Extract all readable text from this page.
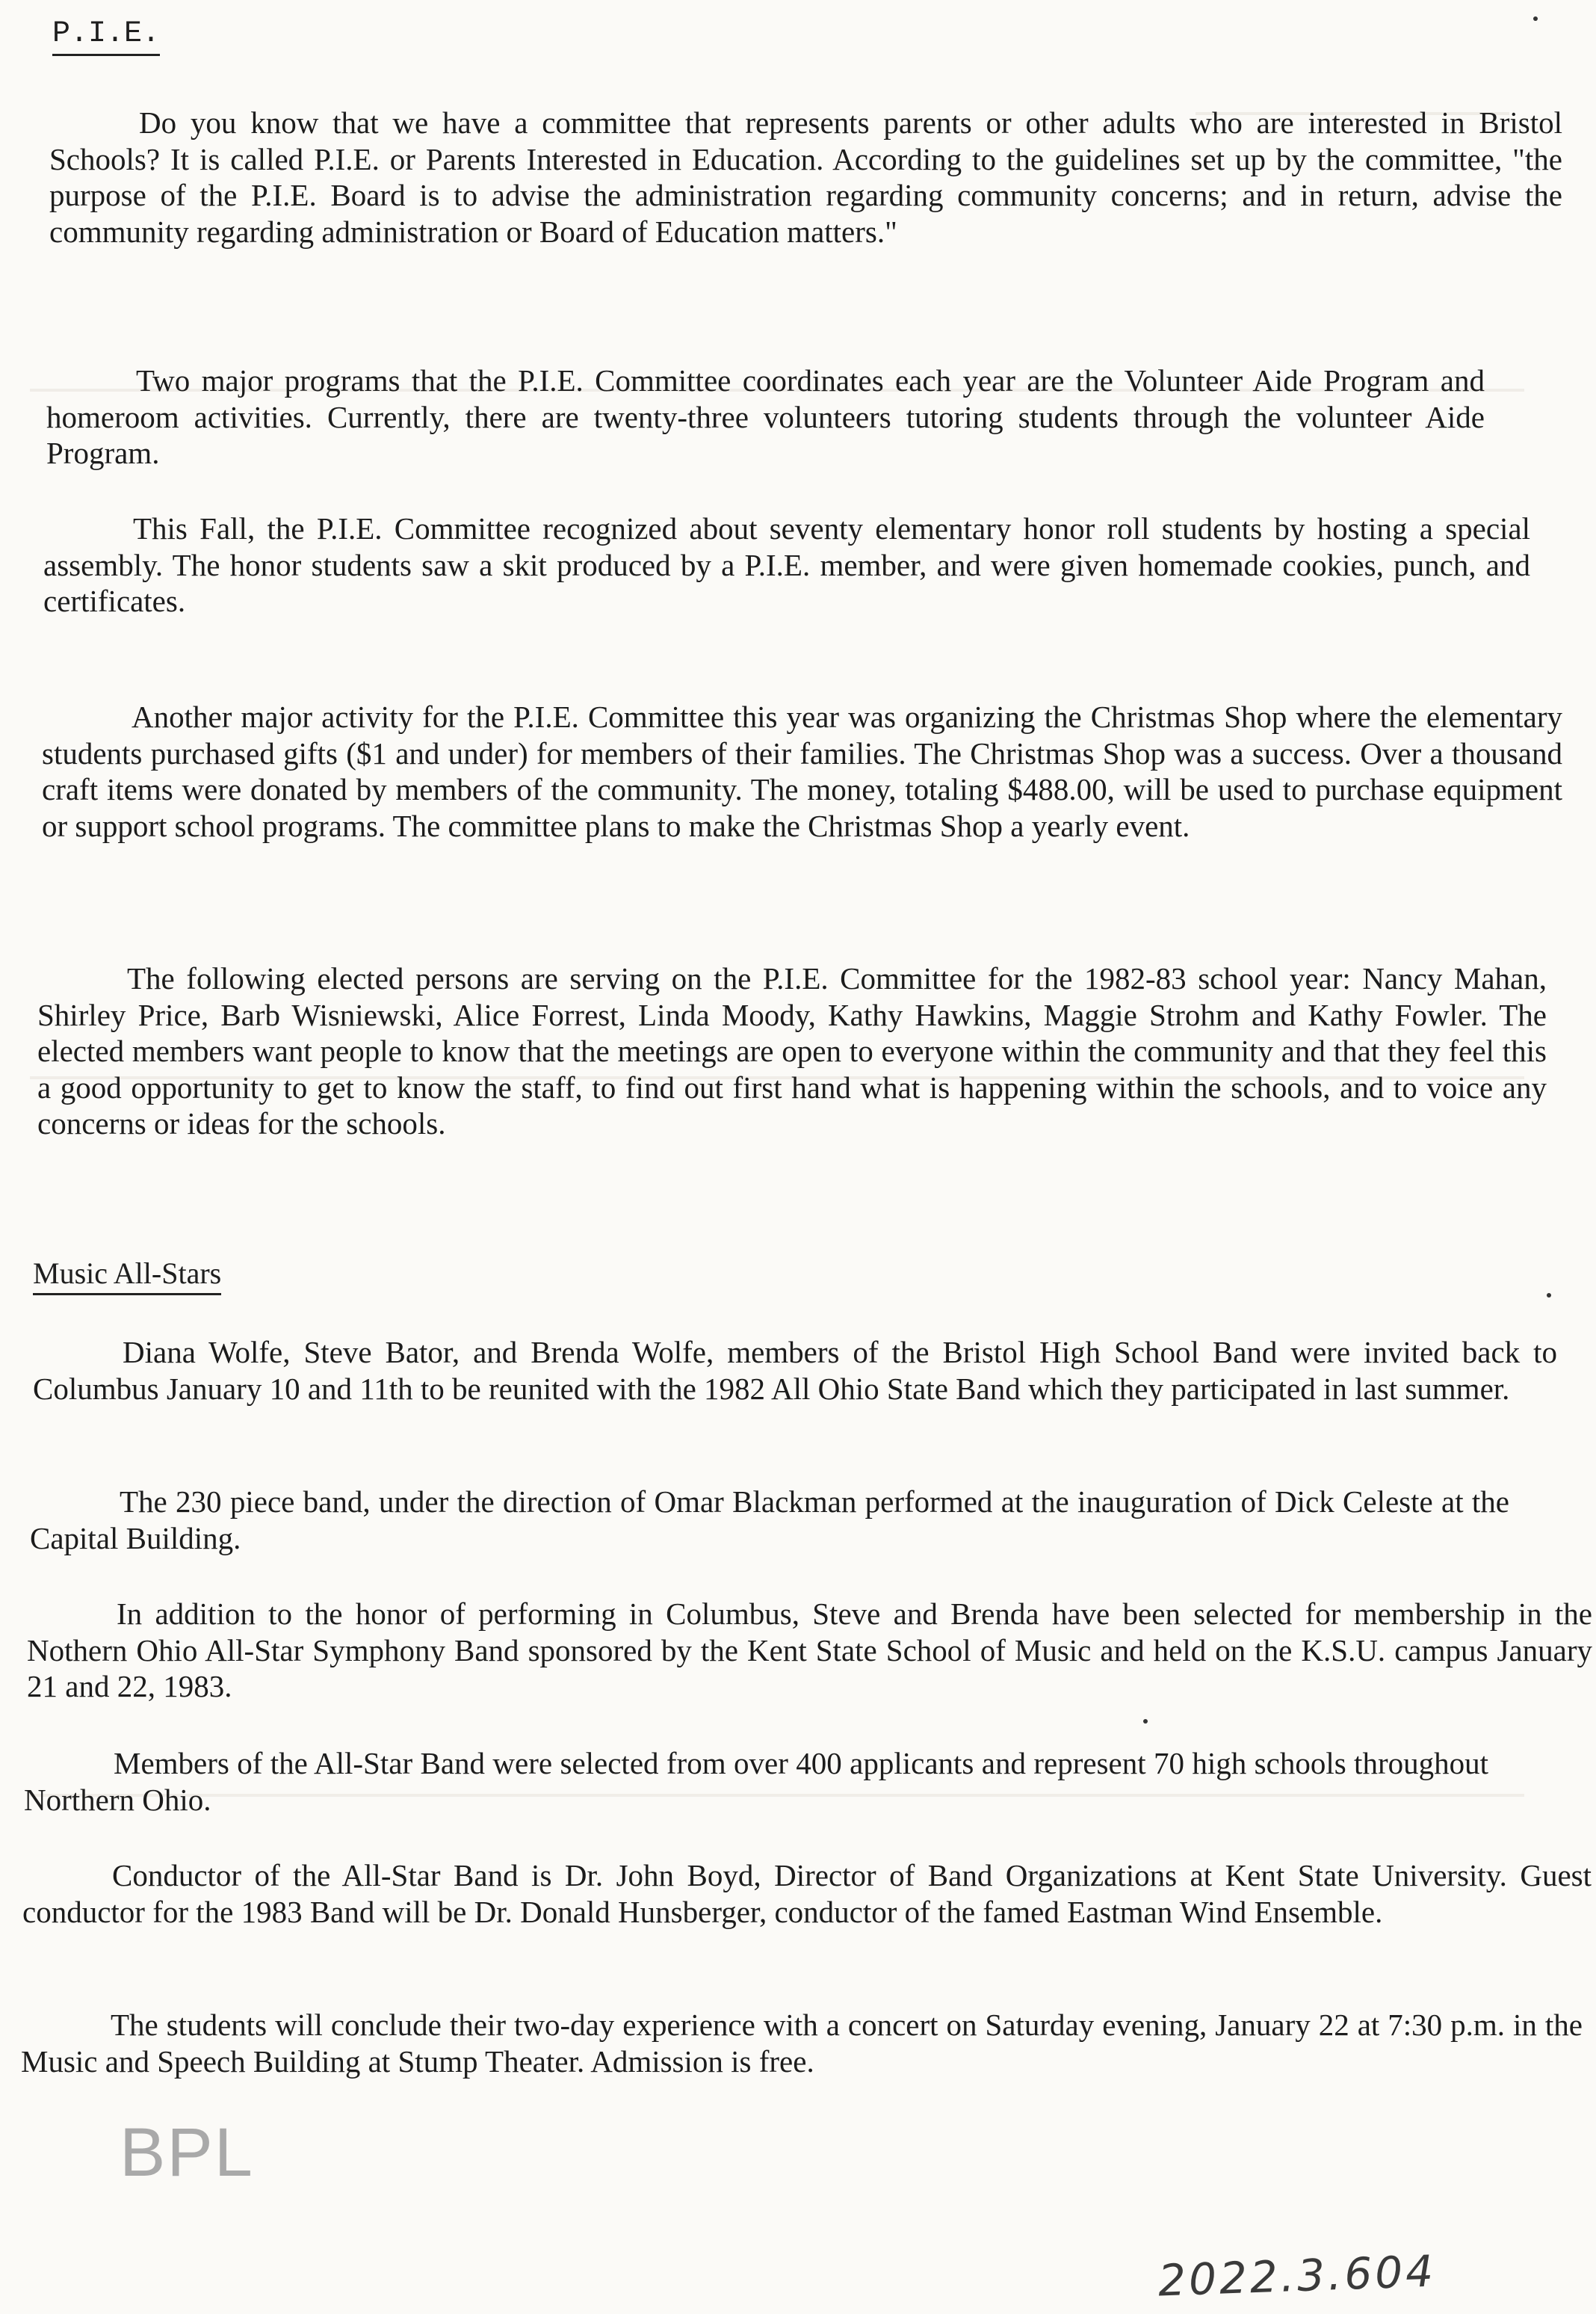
P.I.E.

Do you know that we have a committee that represents parents or other adults who are interested in Bristol Schools? It is called P.I.E. or Parents Interested in Education. According to the guidelines set up by the committee, "the purpose of the P.I.E. Board is to advise the administration regarding community concerns; and in return, advise the community regarding administration or Board of Education matters."

Two major programs that the P.I.E. Committee coordinates each year are the Volunteer Aide Program and homeroom activities. Currently, there are twenty-three volunteers tutoring students through the volunteer Aide Program.

This Fall, the P.I.E. Committee recognized about seventy elementary honor roll students by hosting a special assembly. The honor students saw a skit produced by a P.I.E. member, and were given homemade cookies, punch, and certificates.

Another major activity for the P.I.E. Committee this year was organizing the Christmas Shop where the elementary students purchased gifts ($1 and under) for members of their families. The Christmas Shop was a success. Over a thousand craft items were donated by members of the community. The money, totaling $488.00, will be used to purchase equipment or support school programs. The committee plans to make the Christmas Shop a yearly event.

The following elected persons are serving on the P.I.E. Committee for the 1982-83 school year: Nancy Mahan, Shirley Price, Barb Wisniewski, Alice Forrest, Linda Moody, Kathy Hawkins, Maggie Strohm and Kathy Fowler. The elected members want people to know that the meetings are open to everyone within the community and that they feel this a good opportunity to get to know the staff, to find out first hand what is happening within the schools, and to voice any concerns or ideas for the schools.

Music All-Stars

Diana Wolfe, Steve Bator, and Brenda Wolfe, members of the Bristol High School Band were invited back to Columbus January 10 and 11th to be reunited with the 1982 All Ohio State Band which they participated in last summer.

The 230 piece band, under the direction of Omar Blackman performed at the inauguration of Dick Celeste at the Capital Building.

In addition to the honor of performing in Columbus, Steve and Brenda have been selected for membership in the Nothern Ohio All-Star Symphony Band sponsored by the Kent State School of Music and held on the K.S.U. campus January 21 and 22, 1983.

Members of the All-Star Band were selected from over 400 applicants and represent 70 high schools throughout Northern Ohio.

Conductor of the All-Star Band is Dr. John Boyd, Director of Band Organizations at Kent State University. Guest conductor for the 1983 Band will be Dr. Donald Hunsberger, conductor of the famed Eastman Wind Ensemble.

The students will conclude their two-day experience with a concert on Saturday evening, January 22 at 7:30 p.m. in the Music and Speech Building at Stump Theater. Admission is free.

BPL
2022.3.604
